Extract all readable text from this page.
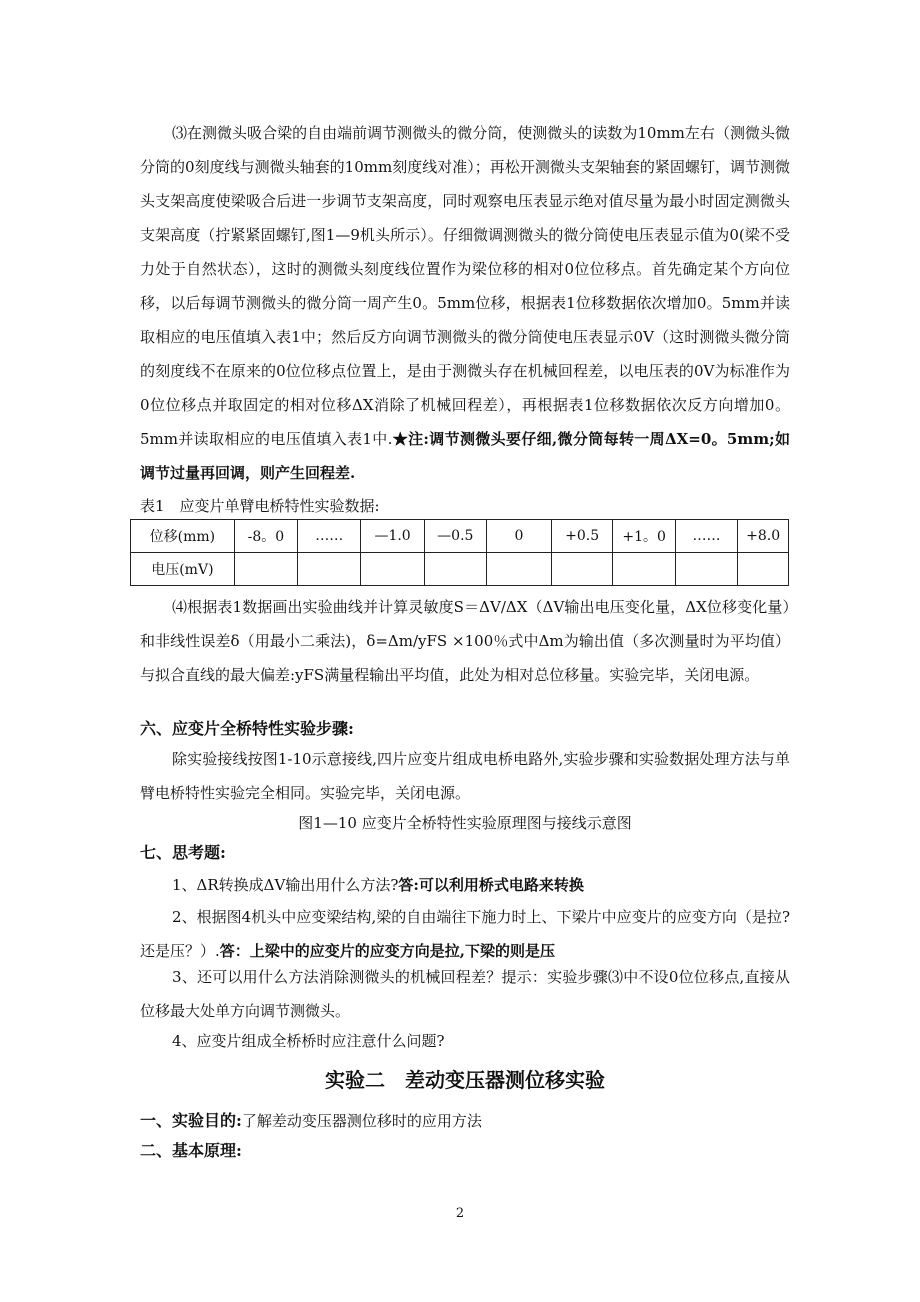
⑶在测微头吸合梁的自由端前调节测微头的微分筒，使测微头的读数为10mm左右（测微头微分筒的0刻度线与测微头轴套的10mm刻度线对准）；再松开测微头支架轴套的紧固螺钉，调节测微头支架高度使梁吸合后进一步调节支架高度，同时观察电压表显示绝对值尽量为最小时固定测微头支架高度（拧紧紧固螺钉,图1—9机头所示）。仔细微调测微头的微分筒使电压表显示值为0(梁不受力处于自然状态），这时的测微头刻度线位置作为梁位移的相对0位位移点。首先确定某个方向位移，以后每调节测微头的微分筒一周产生0。5mm位移，根据表1位移数据依次增加0。5mm并读取相应的电压值填入表1中；然后反方向调节测微头的微分筒使电压表显示0V（这时测微头微分筒的刻度线不在原来的0位位移点位置上，是由于测微头存在机械回程差，以电压表的0V为标准作为0位位移点并取固定的相对位移ΔX消除了机械回程差），再根据表1位移数据依次反方向增加0。5mm并读取相应的电压值填入表1中.★注:调节测微头要仔细,微分筒每转一周ΔX=0。5mm;如调节过量再回调，则产生回程差.

表1　应变片单臂电桥特性实验数据:

位移(mm)	-8。0	……	—1.0	—0.5	0	+0.5	+1。0	……	+8.0
电压(mV)									

⑷根据表1数据画出实验曲线并计算灵敏度S＝ΔV/ΔX（ΔV输出电压变化量，ΔX位移变化量）和非线性误差δ（用最小二乘法)，δ=Δm/yFS ×100％式中Δm为输出值（多次测量时为平均值）与拟合直线的最大偏差:yFS满量程输出平均值，此处为相对总位移量。实验完毕，关闭电源。

六、应变片全桥特性实验步骤:

除实验接线按图1-10示意接线,四片应变片组成电桥电路外,实验步骤和实验数据处理方法与单臂电桥特性实验完全相同。实验完毕，关闭电源。

图1—10 应变片全桥特性实验原理图与接线示意图

七、思考题:

1、ΔR转换成ΔV输出用什么方法?答:可以利用桥式电路来转换

2、根据图4机头中应变梁结构,梁的自由端往下施力时上、下梁片中应变片的应变方向（是拉?还是压？）.答：上梁中的应变片的应变方向是拉,下梁的则是压

3、还可以用什么方法消除测微头的机械回程差？提示：实验步骤⑶中不设0位位移点,直接从位移最大处单方向调节测微头。

4、应变片组成全桥桥时应注意什么问题?

实验二　差动变压器测位移实验

一、实验目的:了解差动变压器测位移时的应用方法

二、基本原理:

2
